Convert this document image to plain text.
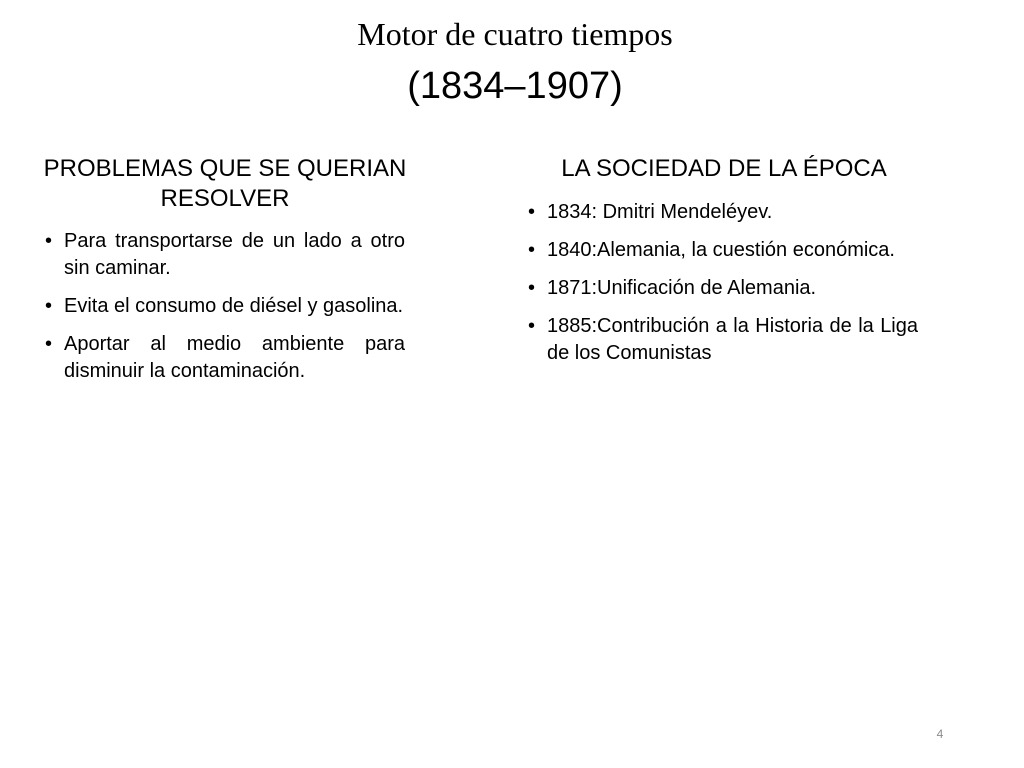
Motor de cuatro tiempos
(1834–1907)
PROBLEMAS QUE SE QUERIAN RESOLVER
• Para transportarse de un lado a otro sin caminar.
• Evita el consumo de diésel y gasolina.
• Aportar al medio ambiente para disminuir la contaminación.
LA SOCIEDAD DE LA ÉPOCA
• 1834: Dmitri Mendeléyev.
• 1840:Alemania, la cuestión económica.
• 1871:Unificación de Alemania.
• 1885:Contribución a la Historia de la Liga de los Comunistas
4
